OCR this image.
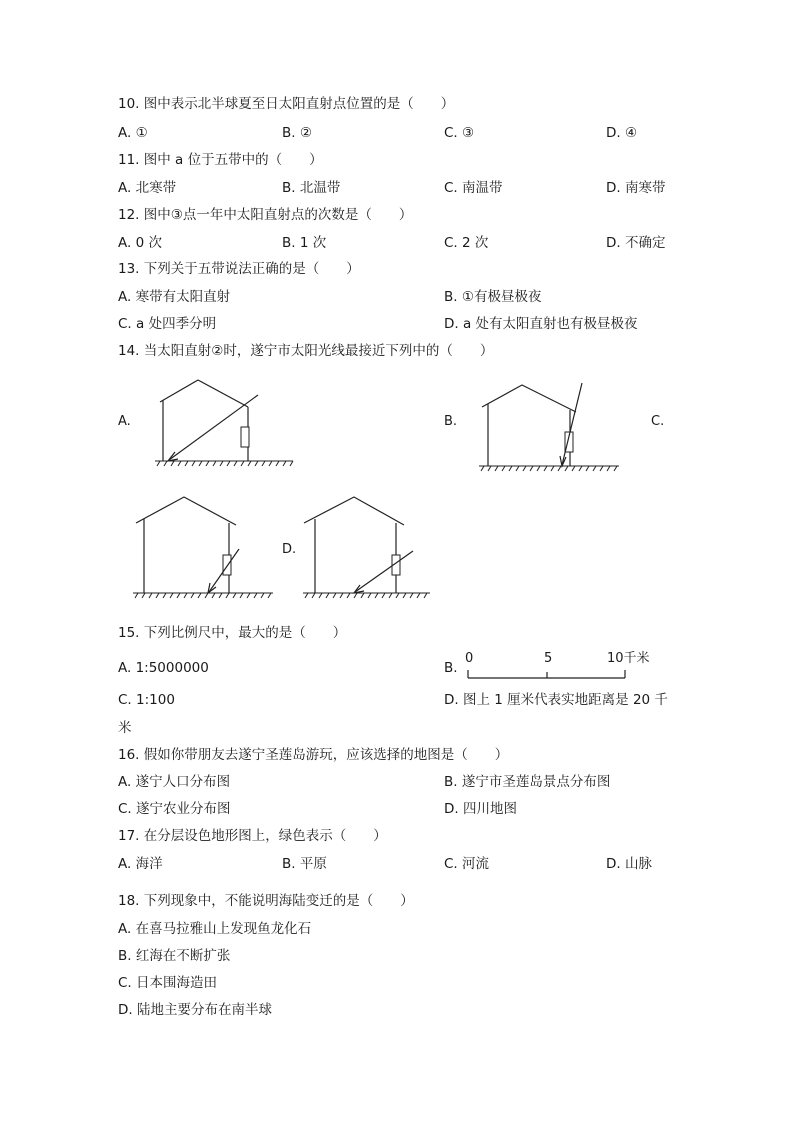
10. 图中表示北半球夏至日太阳直射点位置的是（　　）
A. ①	B. ②	C. ③	D. ④
11. 图中 a 位于五带中的（　　）
A. 北寒带	B. 北温带	C. 南温带	D. 南寒带
12. 图中③点一年中太阳直射点的次数是（　　）
A. 0 次	B. 1 次	C. 2 次	D. 不确定
13. 下列关于五带说法正确的是（　　）
A. 寒带有太阳直射	B. ①有极昼极夜
C. a 处四季分明	D. a 处有太阳直射也有极昼极夜
14. 当太阳直射②时，遂宁市太阳光线最接近下列中的（　　）
A.	B.	C.
D.
15. 下列比例尺中，最大的是（　　）
A. 1:5000000	B.
0	5	10千米
C. 1:100	D. 图上 1 厘米代表实地距离是 20 千
米
16. 假如你带朋友去遂宁圣莲岛游玩，应该选择的地图是（　　）
A. 遂宁人口分布图	B. 遂宁市圣莲岛景点分布图
C. 遂宁农业分布图	D. 四川地图
17. 在分层设色地形图上，绿色表示（　　）
A. 海洋	B. 平原	C. 河流	D. 山脉
18. 下列现象中，不能说明海陆变迁的是（　　）
A. 在喜马拉雅山上发现鱼龙化石
B. 红海在不断扩张
C. 日本围海造田
D. 陆地主要分布在南半球
